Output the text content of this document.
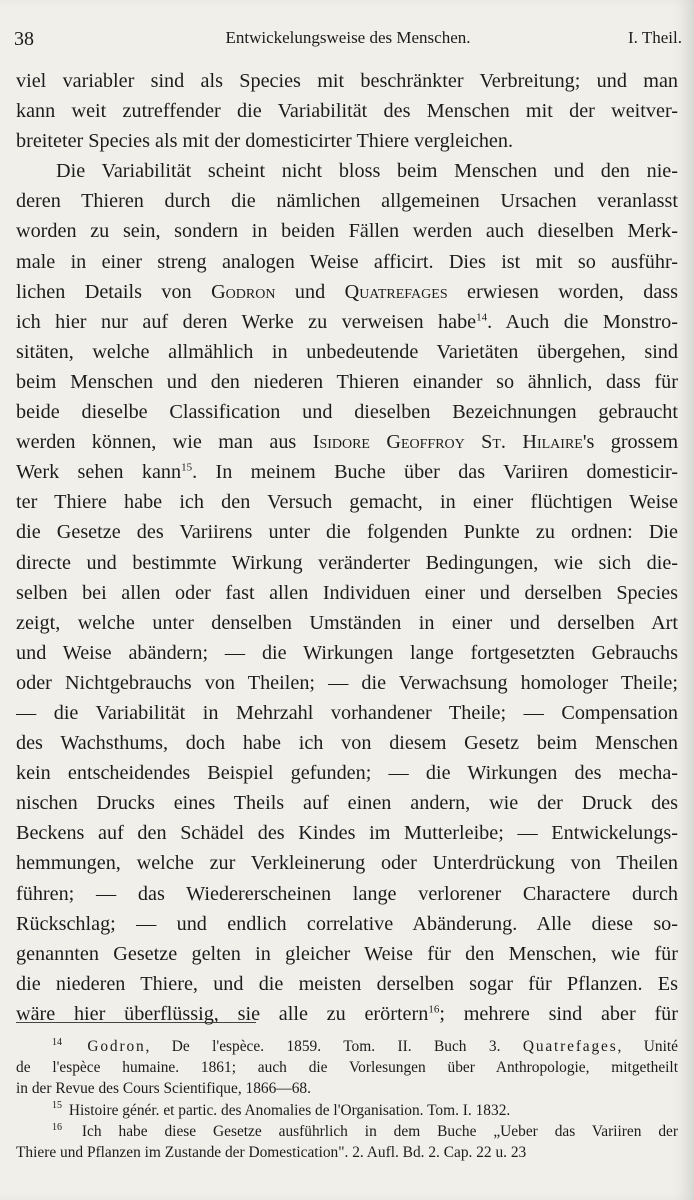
38	Entwickelungsweise des Menschen.	I. Theil.
viel variabler sind als Species mit beschränkter Verbreitung; und man
kann weit zutreffender die Variabilität des Menschen mit der weitver-
breiteter Species als mit der domesticirter Thiere vergleichen.
Die Variabilität scheint nicht bloss beim Menschen und den nie-
deren Thieren durch die nämlichen allgemeinen Ursachen veranlasst
worden zu sein, sondern in beiden Fällen werden auch dieselben Merk-
male in einer streng analogen Weise afficirt. Dies ist mit so ausführ-
lichen Details von Godron und Quatrefages erwiesen worden, dass
ich hier nur auf deren Werke zu verweisen habe$^{14}$. Auch die Monstro-
sitäten, welche allmählich in unbedeutende Varietäten übergehen, sind
beim Menschen und den niederen Thieren einander so ähnlich, dass für
beide dieselbe Classification und dieselben Bezeichnungen gebraucht
werden können, wie man aus Isidore Geoffroy St. Hilaire's grossem
Werk sehen kann$^{15}$. In meinem Buche über das Variiren domesticir-
ter Thiere habe ich den Versuch gemacht, in einer flüchtigen Weise
die Gesetze des Variirens unter die folgenden Punkte zu ordnen: Die
directe und bestimmte Wirkung veränderter Bedingungen, wie sich die-
selben bei allen oder fast allen Individuen einer und derselben Species
zeigt, welche unter denselben Umständen in einer und derselben Art
und Weise abändern; — die Wirkungen lange fortgesetzten Gebrauchs
oder Nichtgebrauchs von Theilen; — die Verwachsung homologer Theile;
— die Variabilität in Mehrzahl vorhandener Theile; — Compensation
des Wachsthums, doch habe ich von diesem Gesetz beim Menschen
kein entscheidendes Beispiel gefunden; — die Wirkungen des mecha-
nischen Drucks eines Theils auf einen andern, wie der Druck des
Beckens auf den Schädel des Kindes im Mutterleibe; — Entwickelungs-
hemmungen, welche zur Verkleinerung oder Unterdrückung von Theilen
führen; — das Wiedererscheinen lange verlorener Charactere durch
Rückschlag; — und endlich correlative Abänderung. Alle diese so-
genannten Gesetze gelten in gleicher Weise für den Menschen, wie für
die niederen Thiere, und die meisten derselben sogar für Pflanzen. Es
wäre hier überflüssig, sie alle zu erörtern$^{16}$; mehrere sind aber für
$^{14}$ Godron, De l'espèce. 1859. Tom. II. Buch 3. Quatrefages, Unité
de l'espèce humaine. 1861; auch die Vorlesungen über Anthropologie, mitgetheilt
in der Revue des Cours Scientifique, 1866—68.
$^{15}$ Histoire génér. et partic. des Anomalies de l'Organisation. Tom. I. 1832.
$^{16}$ Ich habe diese Gesetze ausführlich in dem Buche „Ueber das Variiren der
Thiere und Pflanzen im Zustande der Domestication". 2. Aufl. Bd. 2. Cap. 22 u. 23
